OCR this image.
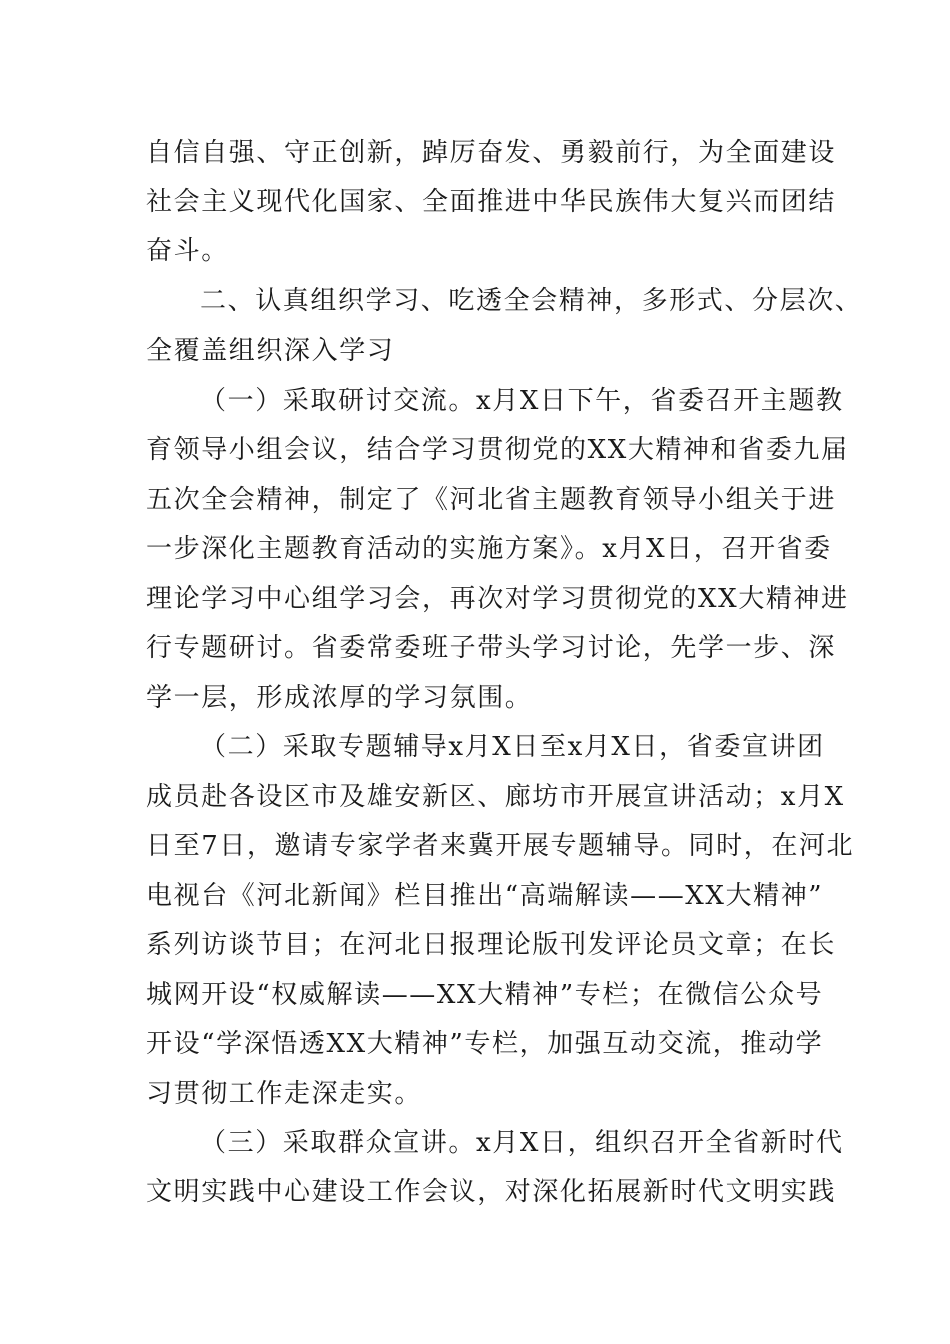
自信自强、守正创新，踔厉奋发、勇毅前行，为全面建设
社会主义现代化国家、全面推进中华民族伟大复兴而团结
奋斗。
二、认真组织学习、吃透全会精神，多形式、分层次、
全覆盖组织深入学习
（一）采取研讨交流。x月X日下午，省委召开主题教
育领导小组会议，结合学习贯彻党的XX大精神和省委九届
五次全会精神，制定了《河北省主题教育领导小组关于进
一步深化主题教育活动的实施方案》。x月X日，召开省委
理论学习中心组学习会，再次对学习贯彻党的XX大精神进
行专题研讨。省委常委班子带头学习讨论，先学一步、深
学一层，形成浓厚的学习氛围。
（二）采取专题辅导x月X日至x月X日，省委宣讲团
成员赴各设区市及雄安新区、廊坊市开展宣讲活动；x月X
日至7日，邀请专家学者来冀开展专题辅导。同时，在河北
电视台《河北新闻》栏目推出“高端解读——XX大精神”
系列访谈节目；在河北日报理论版刊发评论员文章；在长
城网开设“权威解读——XX大精神”专栏；在微信公众号
开设“学深悟透XX大精神”专栏，加强互动交流，推动学
习贯彻工作走深走实。
（三）采取群众宣讲。x月X日，组织召开全省新时代
文明实践中心建设工作会议，对深化拓展新时代文明实践
